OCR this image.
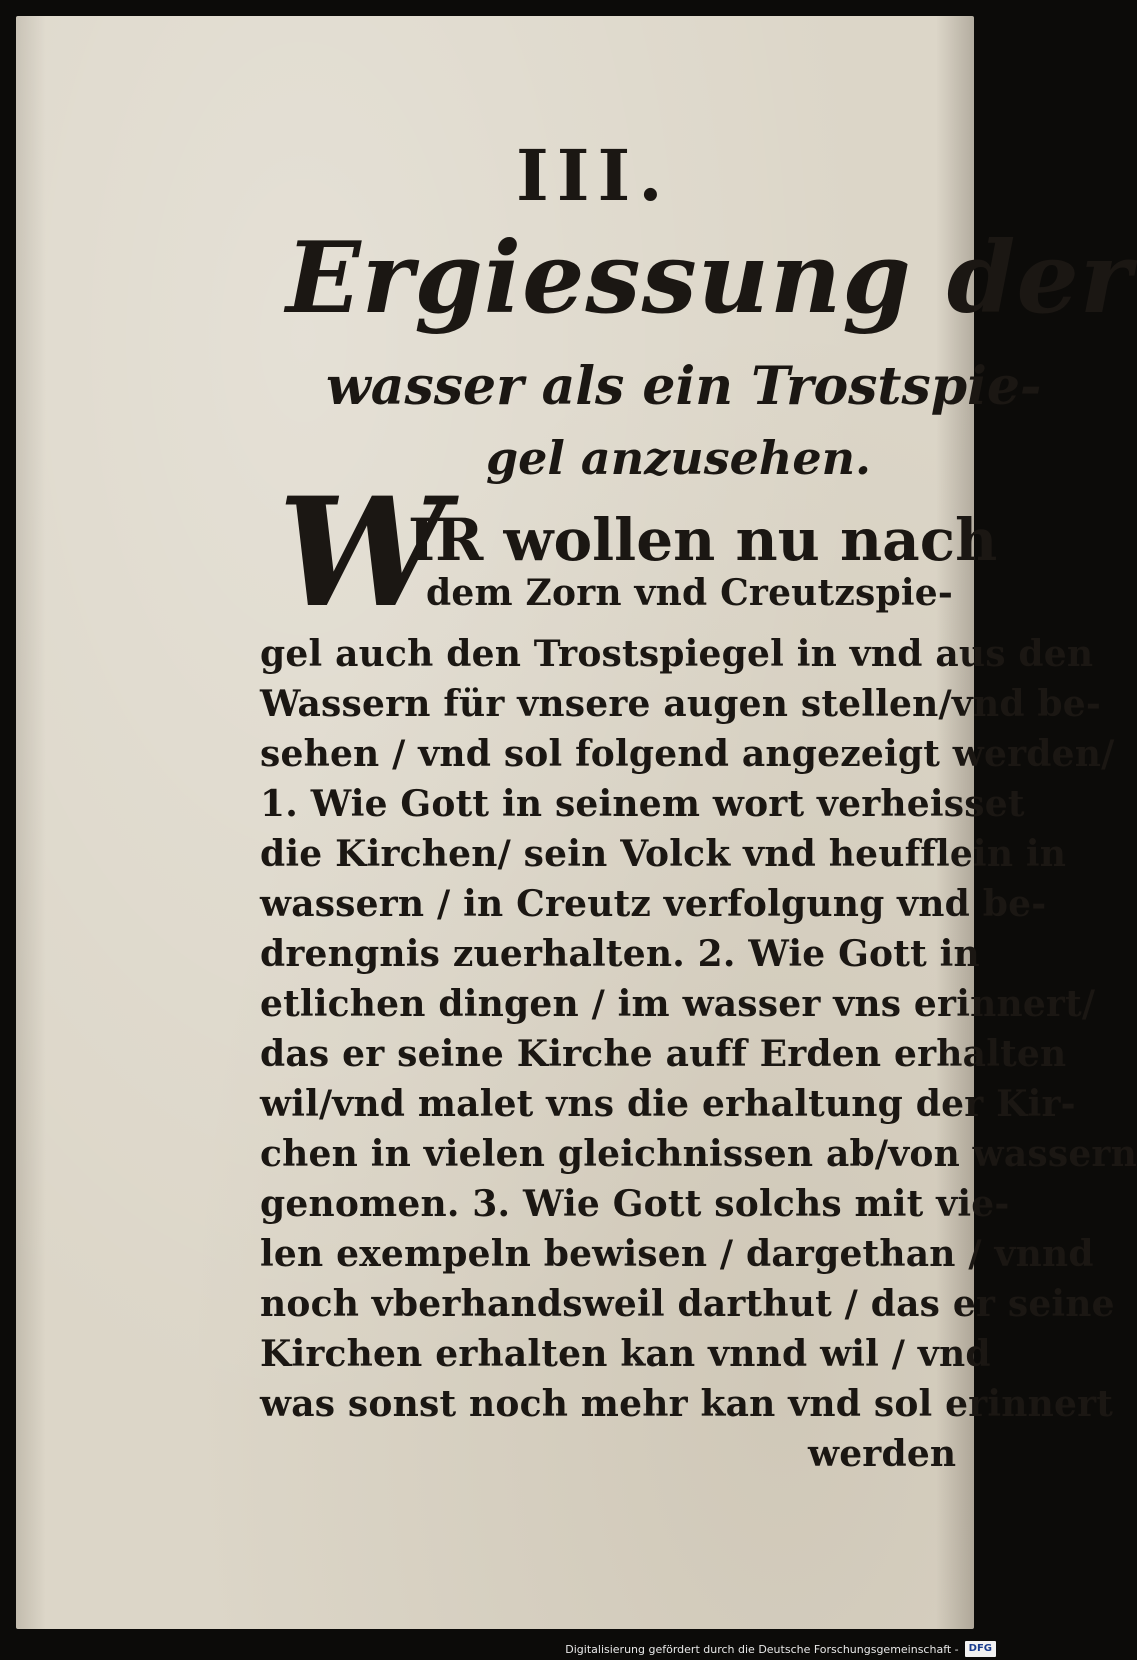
III.

Ergiessung der

wasser als ein Trostspie-

gel anzusehen.

W

IR wollen nu nach

dem Zorn vnd Creutzspie-

gel auch den Trostspiegel in vnd aus den

Wassern für vnsere augen stellen/vnd be-

sehen / vnd sol folgend angezeigt werden/

1. Wie Gott in seinem wort verheisset

die Kirchen/ sein Volck vnd heufflein in

wassern / in Creutz verfolgung vnd be-

drengnis zuerhalten. 2. Wie Gott in

etlichen dingen / im wasser vns erinnert/

das er seine Kirche auff Erden erhalten

wil/vnd malet vns die erhaltung der Kir-

chen in vielen gleichnissen ab/von wassern

genomen. 3. Wie Gott solchs mit vie-

len exempeln bewisen / dargethan / vnnd

noch vberhandsweil darthut / das er seine

Kirchen erhalten kan vnnd wil / vnd

was sonst noch mehr kan vnd sol erinnert

werden

Digitalisierung gefördert durch die Deutsche Forschungsgemeinschaft -	DFG
